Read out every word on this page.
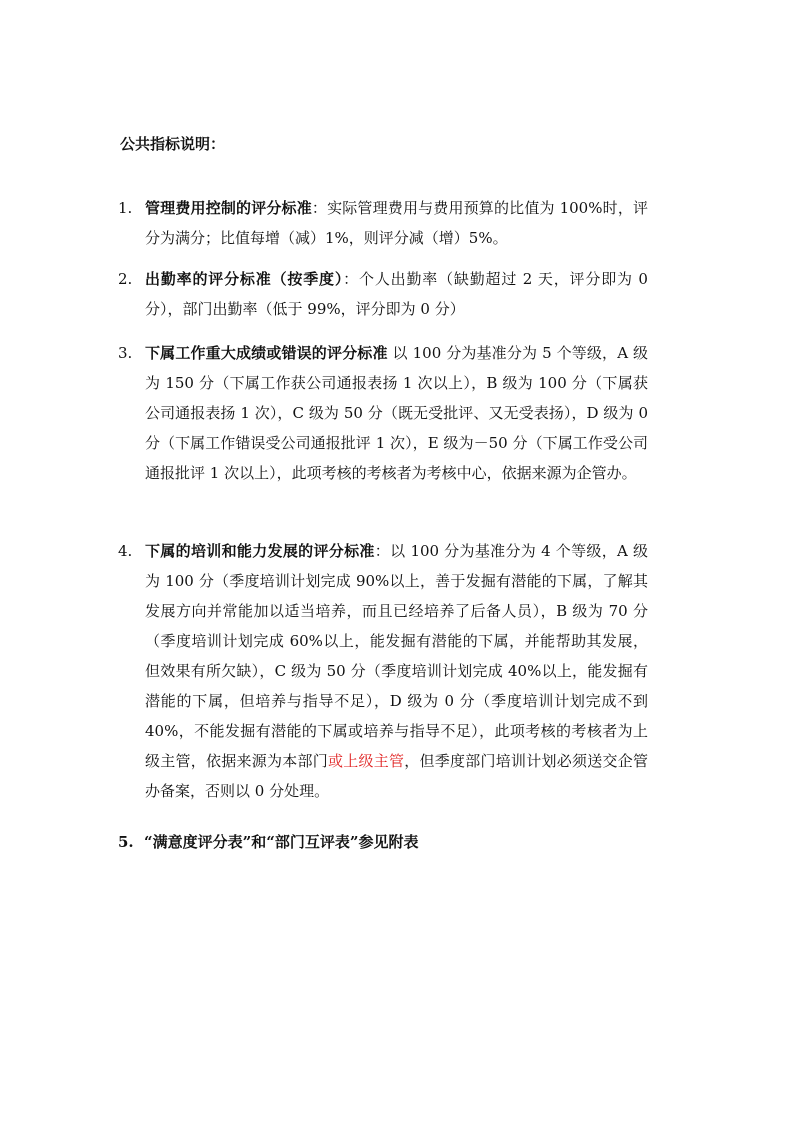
公共指标说明：
1. 管理费用控制的评分标准：实际管理费用与费用预算的比值为 100%时，评分为满分；比值每增（减）1%，则评分减（增）5%。
2. 出勤率的评分标准（按季度）：个人出勤率（缺勤超过 2 天，评分即为 0 分），部门出勤率（低于 99%，评分即为 0 分）
3. 下属工作重大成绩或错误的评分标准 以 100 分为基准分为 5 个等级，A 级为 150 分（下属工作获公司通报表扬 1 次以上），B 级为 100 分（下属获公司通报表扬 1 次），C 级为 50 分（既无受批评、又无受表扬），D 级为 0 分（下属工作错误受公司通报批评 1 次），E 级为－50 分（下属工作受公司通报批评 1 次以上），此项考核的考核者为考核中心，依据来源为企管办。
4. 下属的培训和能力发展的评分标准：以 100 分为基准分为 4 个等级，A 级为 100 分（季度培训计划完成 90%以上，善于发掘有潜能的下属，了解其发展方向并常能加以适当培养，而且已经培养了后备人员），B 级为 70 分（季度培训计划完成 60%以上，能发掘有潜能的下属，并能帮助其发展，但效果有所欠缺），C 级为 50 分（季度培训计划完成 40%以上，能发掘有潜能的下属，但培养与指导不足），D 级为 0 分（季度培训计划完成不到 40%，不能发掘有潜能的下属或培养与指导不足），此项考核的考核者为上级主管，依据来源为本部门或上级主管，但季度部门培训计划必须送交企管办备案，否则以 0 分处理。
5. “满意度评分表”和“部门互评表”参见附表
